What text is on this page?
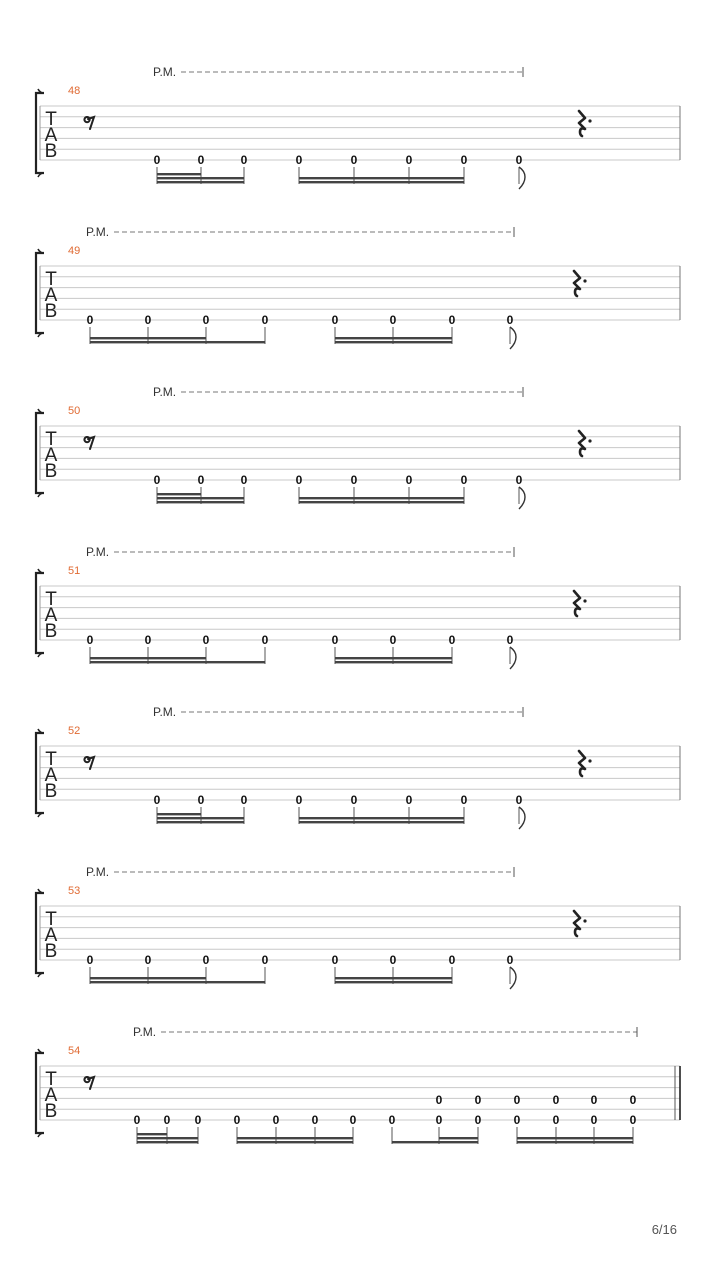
P.M.
48
T
A
B	0	0	0	0	0	0	0	0
P.M.
49
T
A
B 0	0	0	0	0	0	0	0
P.M.
50
T
A
B	0	0	0	0	0	0	0	0
P.M.
51
T
A
B 0	0	0	0	0	0	0	0
P.M.
52
T
A
B	0	0	0	0	0	0	0	0
P.M.
53
T
A
B 0	0	0	0	0	0	0	0
P.M.
54
T
A
B	0 0 0	0	0	0	0	0	0
0
0
0
0
0
0
0
0
0
0
0
6/16
